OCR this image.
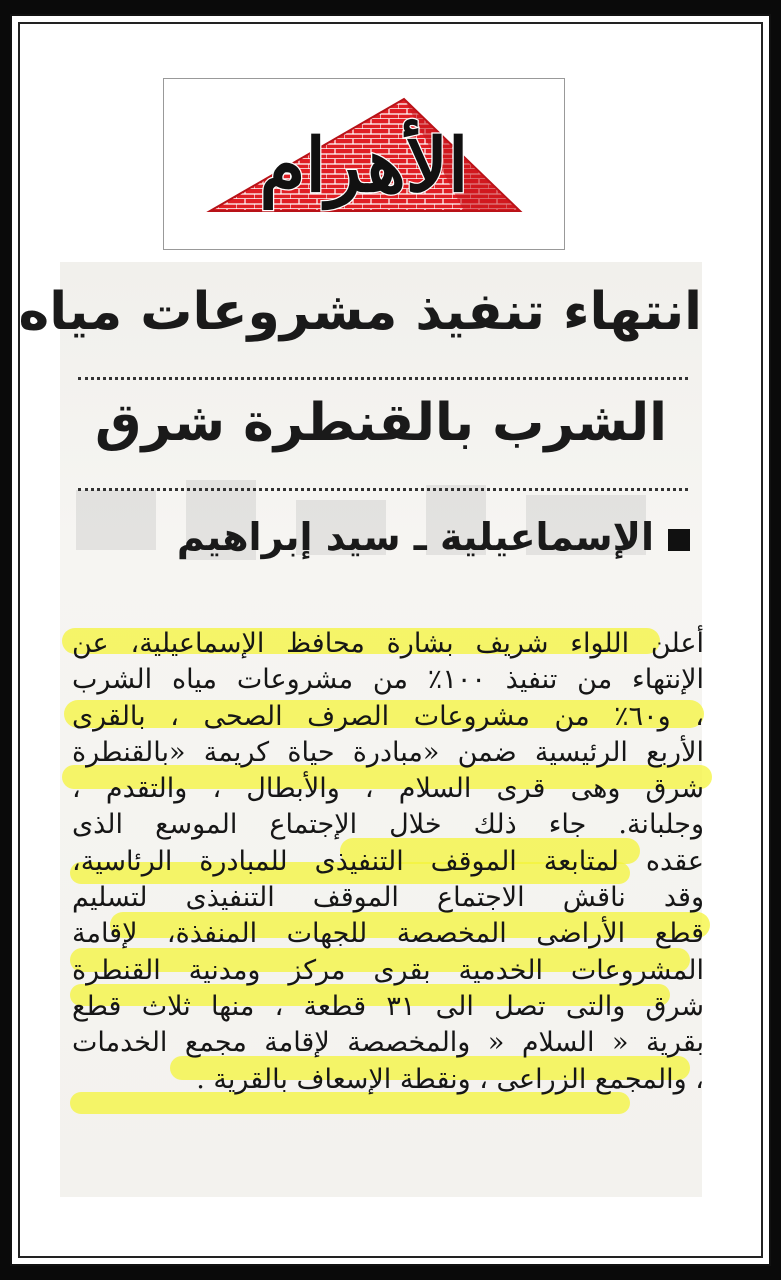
الأهرام
انتهاء تنفيذ مشروعات مياه
الشرب بالقنطرة شرق
الإسماعيلية ـ سيد إبراهيم
أعلن اللواء شريف بشارة محافظ الإسماعيلية، عن
الإنتهاء من تنفيذ ١٠٠٪ من مشروعات مياه الشرب
، و٦٠٪ من مشروعات الصرف الصحى ، بالقرى
الأربع الرئيسية ضمن «مبادرة حياة كريمة «بالقنطرة
شرق وهى قرى السلام ، والأبطال ، والتقدم ،
وجلبانة. جاء ذلك خلال الإجتماع الموسع الذى
عقده لمتابعة الموقف التنفيذى للمبادرة الرئاسية،
وقد ناقش الاجتماع الموقف التنفيذى لتسليم
قطع الأراضى المخصصة للجهات المنفذة، لإقامة
المشروعات الخدمية بقرى مركز ومدنية القنطرة
شرق والتى تصل الى ٣١ قطعة ، منها ثلاث قطع
بقرية « السلام « والمخصصة لإقامة مجمع الخدمات
، والمجمع الزراعى ، ونقطة الإسعاف بالقرية .
